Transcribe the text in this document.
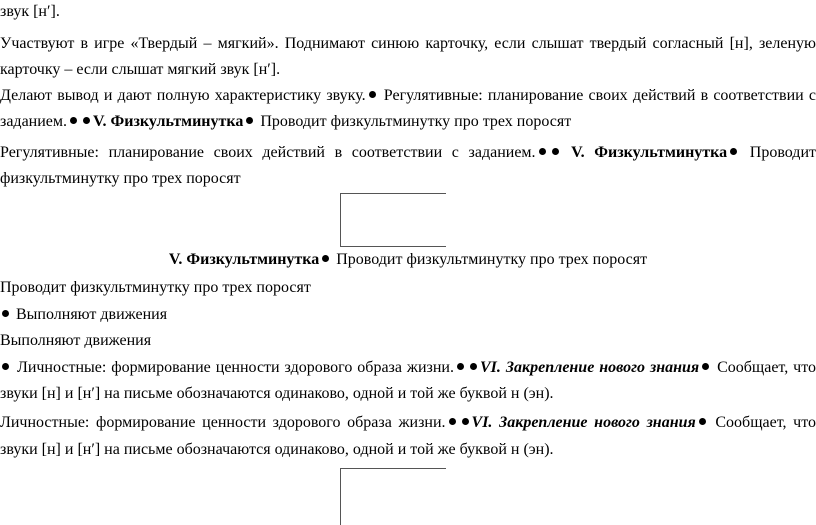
звук [н′].
Участвуют в игре «Твердый – мягкий». Поднимают синюю карточку, если слышат твердый согласный [н], зеленую
карточку – если слышат мягкий звук [н′].
Делают вывод и дают полную характеристику звуку. Регулятивные: планирование своих действий в соответствии с
заданием. V. Физкультминутка Проводит физкультминутку про трех поросят
Регулятивные: планирование своих действий в соответствии с заданием. V. Физкультминутка Проводит
физкультминутку про трех поросят
V. Физкультминутка Проводит физкультминутку про трех поросят
Проводит физкультминутку про трех поросят
Выполняют движения
Выполняют движения
Личностные: формирование ценности здорового образа жизни. VI. Закрепление нового знания Сообщает, что
звуки [н] и [н′] на письме обозначаются одинаково, одной и той же буквой н (эн).
Личностные: формирование ценности здорового образа жизни. VI. Закрепление нового знания Сообщает, что
звуки [н] и [н′] на письме обозначаются одинаково, одной и той же буквой н (эн).
